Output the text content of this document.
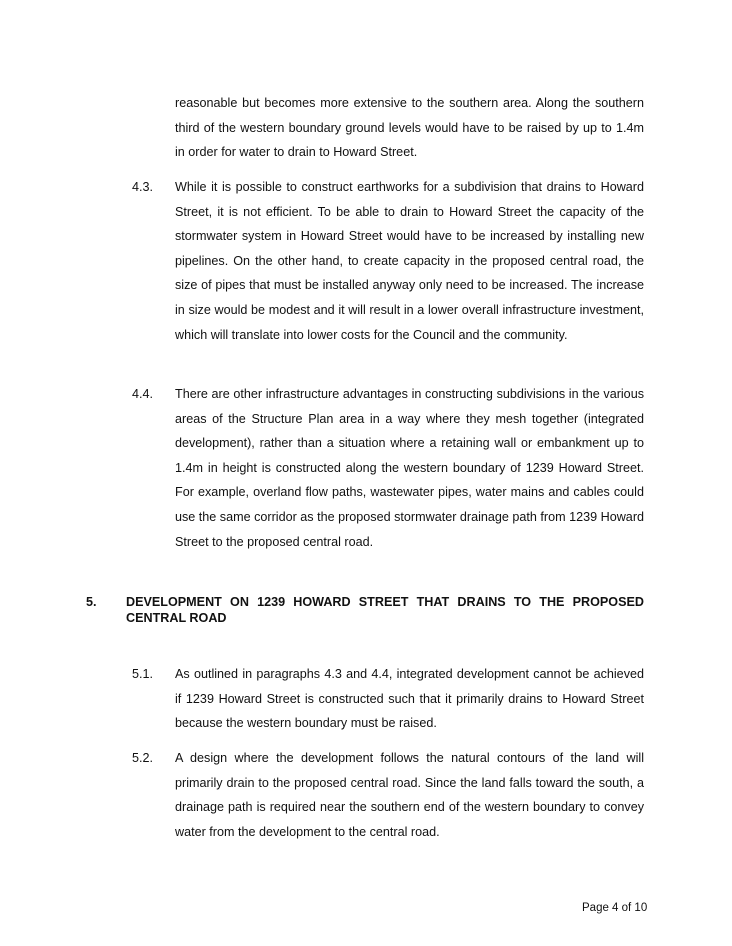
reasonable but becomes more extensive to the southern area. Along the southern third of the western boundary ground levels would have to be raised by up to 1.4m in order for water to drain to Howard Street.

4.3. While it is possible to construct earthworks for a subdivision that drains to Howard Street, it is not efficient. To be able to drain to Howard Street the capacity of the stormwater system in Howard Street would have to be increased by installing new pipelines. On the other hand, to create capacity in the proposed central road, the size of pipes that must be installed anyway only need to be increased. The increase in size would be modest and it will result in a lower overall infrastructure investment, which will translate into lower costs for the Council and the community.

4.4. There are other infrastructure advantages in constructing subdivisions in the various areas of the Structure Plan area in a way where they mesh together (integrated development), rather than a situation where a retaining wall or embankment up to 1.4m in height is constructed along the western boundary of 1239 Howard Street. For example, overland flow paths, wastewater pipes, water mains and cables could use the same corridor as the proposed stormwater drainage path from 1239 Howard Street to the proposed central road.

5. DEVELOPMENT ON 1239 HOWARD STREET THAT DRAINS TO THE PROPOSED CENTRAL ROAD

5.1. As outlined in paragraphs 4.3 and 4.4, integrated development cannot be achieved if 1239 Howard Street is constructed such that it primarily drains to Howard Street because the western boundary must be raised.

5.2. A design where the development follows the natural contours of the land will primarily drain to the proposed central road. Since the land falls toward the south, a drainage path is required near the southern end of the western boundary to convey water from the development to the central road.

Page 4 of 10
